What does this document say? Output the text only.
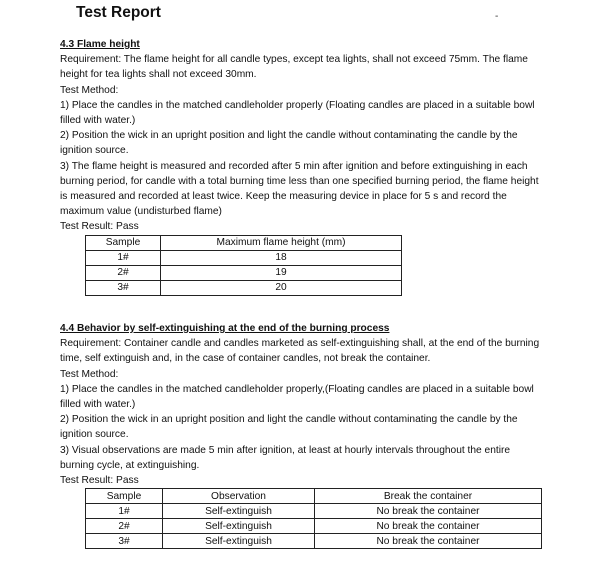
Test Report	-

4.3 Flame height

Requirement: The flame height for all candle types, except tea lights, shall not exceed 75mm. The flame height for tea lights shall not exceed 30mm.

Test Method:

1) Place the candles in the matched candleholder properly (Floating candles are placed in a suitable bowl filled with water.)

2) Position the wick in an upright position and light the candle without contaminating the candle by the ignition source.

3) The flame height is measured and recorded after 5 min after ignition and before extinguishing in each burning period, for candle with a total burning time less than one specified burning period, the flame height is measured and recorded at least twice. Keep the measuring device in place for 5 s and record the maximum value (undisturbed flame)

Test Result: Pass

Sample	Maximum flame height (mm)
1#	18
2#	19
3#	20

4.4 Behavior by self-extinguishing at the end of the burning process

Requirement: Container candle and candles marketed as self-extinguishing shall, at the end of the burning time, self extinguish and, in the case of container candles, not break the container.

Test Method:

1) Place the candles in the matched candleholder properly,(Floating candles are placed in a suitable bowl filled with water.)

2) Position the wick in an upright position and light the candle without contaminating the candle by the ignition source.

3) Visual observations are made 5 min after ignition, at least at hourly intervals throughout the entire burning cycle, at extinguishing.

Test Result: Pass

Sample	Observation	Break the container
1#	Self-extinguish	No break the container
2#	Self-extinguish	No break the container
3#	Self-extinguish	No break the container
